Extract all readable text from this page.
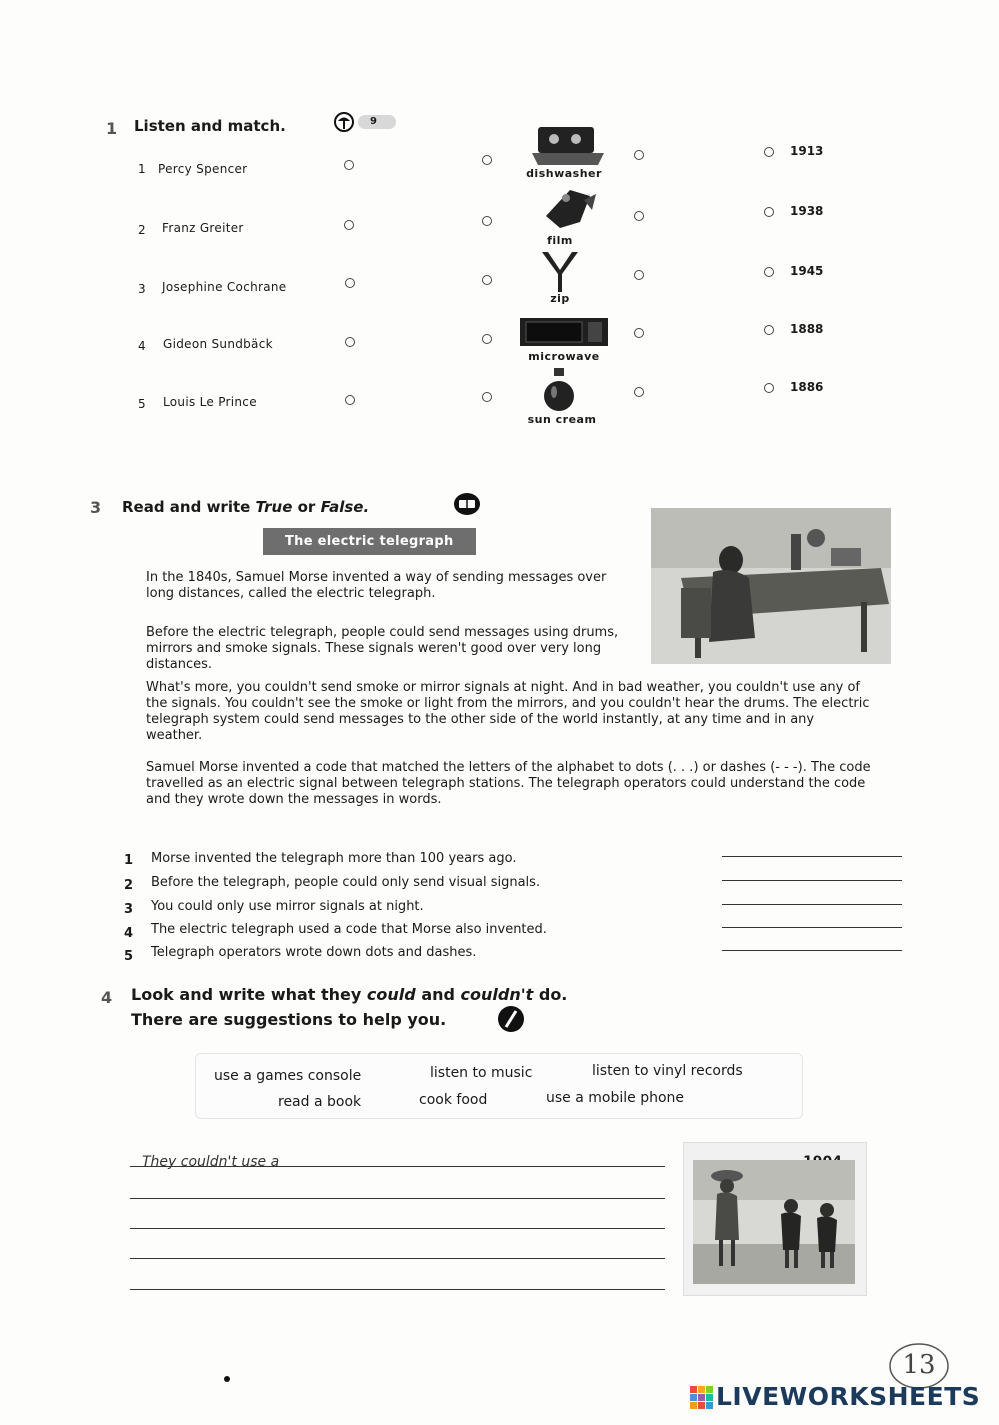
1 Listen and match.	9
1 Percy Spencer
2 Franz Greiter
3 Josephine Cochrane
4 Gideon Sundbäck
5 Louis Le Prince
dishwasher
film
zip
microwave
sun cream
1913
1938
1945
1888
1886
3 Read and write True or False.
The electric telegraph

In the 1840s, Samuel Morse invented a way of sending messages over long distances, called the electric telegraph.

Before the electric telegraph, people could send messages using drums, mirrors and smoke signals. These signals weren't good over very long distances.

What's more, you couldn't send smoke or mirror signals at night. And in bad weather, you couldn't use any of the signals. You couldn't see the smoke or light from the mirrors, and you couldn't hear the drums. The electric telegraph system could send messages to the other side of the world instantly, at any time and in any weather.

Samuel Morse invented a code that matched the letters of the alphabet to dots (. . .) or dashes (- - -). The code travelled as an electric signal between telegraph stations. The telegraph operators could understand the code and they wrote down the messages in words.

1 Morse invented the telegraph more than 100 years ago.
2 Before the telegraph, people could only send visual signals.
3 You could only use mirror signals at night.
4 The electric telegraph used a code that Morse also invented.
5 Telegraph operators wrote down dots and dashes.
4 Look and write what they could and couldn't do.
There are suggestions to help you.
use a games console	listen to music	listen to vinyl records
read a book	cook food	use a mobile phone
They couldn't use a
13
LIVEWORKSHEETS
